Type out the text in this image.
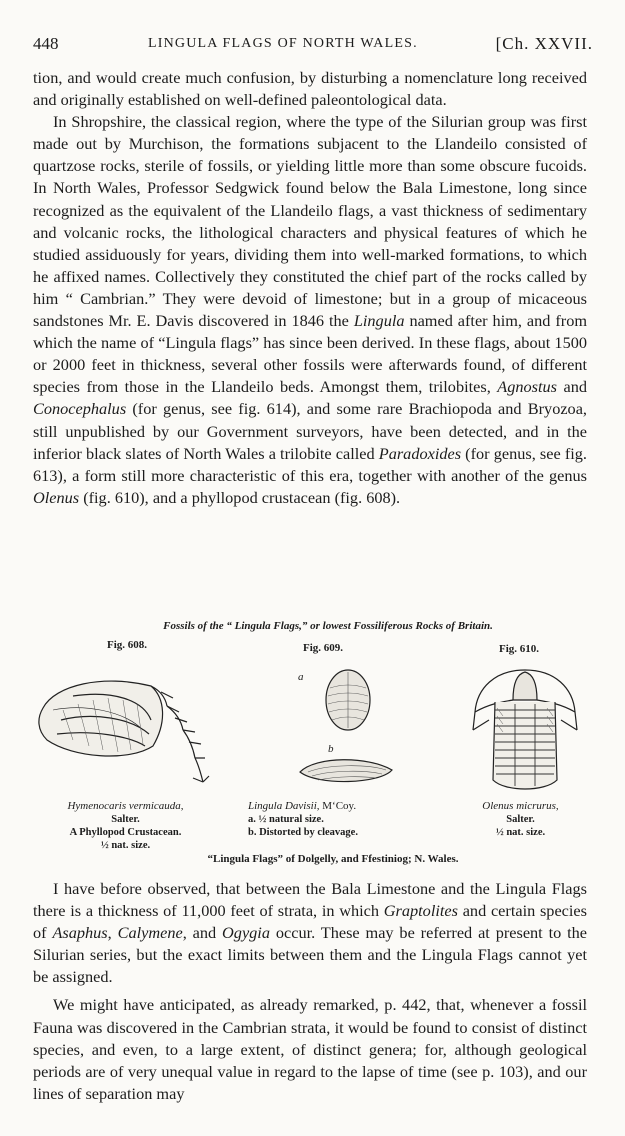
448	LINGULA FLAGS OF NORTH WALES.	[Ch. XXVII.

tion, and would create much confusion, by disturbing a nomenclature long received and originally established on well-defined paleontological data.

In Shropshire, the classical region, where the type of the Silurian group was first made out by Murchison, the formations subjacent to the Llandeilo consisted of quartzose rocks, sterile of fossils, or yielding little more than some obscure fucoids. In North Wales, Professor Sedgwick found below the Bala Limestone, long since recognized as the equivalent of the Llandeilo flags, a vast thickness of sedimentary and volcanic rocks, the lithological characters and physical features of which he studied assiduously for years, dividing them into well-marked formations, to which he affixed names. Collectively they constituted the chief part of the rocks called by him “ Cambrian.” They were devoid of limestone; but in a group of micaceous sandstones Mr. E. Davis discovered in 1846 the Lingula named after him, and from which the name of “Lingula flags” has since been derived. In these flags, about 1500 or 2000 feet in thickness, several other fossils were afterwards found, of different species from those in the Llandeilo beds. Amongst them, trilobites, Agnostus and Conocephalus (for genus, see fig. 614), and some rare Brachiopoda and Bryozoa, still unpublished by our Government surveyors, have been detected, and in the inferior black slates of North Wales a trilobite called Paradoxides (for genus, see fig. 613), a form still more characteristic of this era, together with another of the genus Olenus (fig. 610), and a phyllopod crustacean (fig. 608).

Fossils of the “ Lingula Flags,” or lowest Fossiliferous Rocks of Britain.
Fig. 608.
Hymenocaris vermicauda,
Salter.
A Phyllopod Crustacean.
½ nat. size.
Fig. 609.
a
b
Lingula Davisii, M‘Coy.
a. ½ natural size.
b. Distorted by cleavage.
Fig. 610.
Olenus micrurus,
Salter.
½ nat. size.
“Lingula Flags” of Dolgelly, and Ffestiniog; N. Wales.

I have before observed, that between the Bala Limestone and the Lingula Flags there is a thickness of 11,000 feet of strata, in which Graptolites and certain species of Asaphus, Calymene, and Ogygia occur. These may be referred at present to the Silurian series, but the exact limits between them and the Lingula Flags cannot yet be assigned.

We might have anticipated, as already remarked, p. 442, that, whenever a fossil Fauna was discovered in the Cambrian strata, it would be found to consist of distinct species, and even, to a large extent, of distinct genera; for, although geological periods are of very unequal value in regard to the lapse of time (see p. 103), and our lines of separation may
